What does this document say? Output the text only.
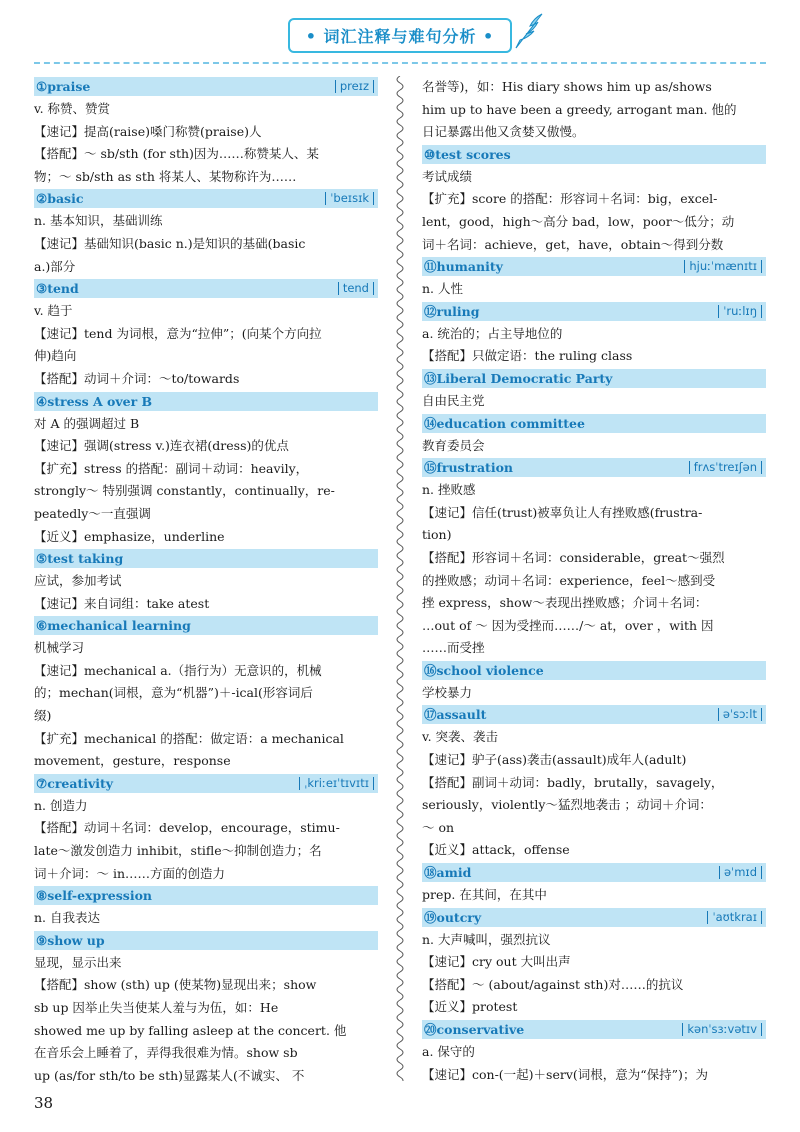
• 词汇注释与难句分析 •
①praise	preɪz
v. 称赞、赞赏
【速记】提高(raise)嗓门称赞(praise)人
【搭配】～ sb/sth (for sth)因为……称赞某人、某
物；～ sb/sth as sth 将某人、某物称许为……
②basic	ˈbeɪsɪk
n. 基本知识，基础训练
【速记】基础知识(basic n.)是知识的基础(basic
a.)部分
③tend	tend
v. 趋于
【速记】tend 为词根，意为“拉伸”；(向某个方向拉
伸)趋向
【搭配】动词＋介词：～to/towards
④stress A over B
对 A 的强调超过 B
【速记】强调(stress v.)连衣裙(dress)的优点
【扩充】stress 的搭配：副词＋动词：heavily，
strongly～ 特别强调 constantly，continually，re-
peatedly～一直强调
【近义】emphasize，underline
⑤test taking
应试，参加考试
【速记】来自词组：take atest
⑥mechanical learning
机械学习
【速记】mechanical a.（指行为）无意识的，机械
的；mechan(词根，意为“机器”)＋-ical(形容词后
缀)
【扩充】mechanical 的搭配：做定语：a mechanical
movement，gesture，response
⑦creativity	ˌkriːeɪˈtɪvɪtɪ
n. 创造力
【搭配】动词＋名词：develop，encourage，stimu-
late～激发创造力 inhibit，stifle～抑制创造力；名
词＋介词：～ in……方面的创造力
⑧self-expression
n. 自我表达
⑨show up
显现，显示出来
【搭配】show (sth) up (使某物)显现出来；show
sb up 因举止失当使某人羞与为伍，如：He
showed me up by falling asleep at the concert. 他
在音乐会上睡着了，弄得我很难为情。show sb
up (as/for sth/to be sth)显露某人(不诚实、 不
名誉等)，如：His diary shows him up as/shows
him up to have been a greedy, arrogant man. 他的
日记暴露出他又贪婪又傲慢。
⑩test scores
考试成绩
【扩充】score 的搭配：形容词＋名词：big，excel-
lent，good，high～高分 bad，low，poor～低分；动
词＋名词：achieve，get，have，obtain～得到分数
⑪humanity	hjuːˈmænɪtɪ
n. 人性
⑫ruling	ˈruːlɪŋ
a. 统治的；占主导地位的
【搭配】只做定语：the ruling class
⑬Liberal Democratic Party
自由民主党
⑭education committee
教育委员会
⑮frustration	frʌsˈtreɪʃən
n. 挫败感
【速记】信任(trust)被辜负让人有挫败感(frustra-
tion)
【搭配】形容词＋名词：considerable，great～强烈
的挫败感；动词＋名词：experience，feel～感到受
挫 express，show～表现出挫败感；介词＋名词：
…out of ～ 因为受挫而……/～ at，over ，with 因
……而受挫
⑯school violence
学校暴力
⑰assault	əˈsɔːlt
v. 突袭、袭击
【速记】驴子(ass)袭击(assault)成年人(adult)
【搭配】副词＋动词：badly，brutally，savagely，
seriously，violently～猛烈地袭击 ；动词＋介词：
～ on
【近义】attack，offense
⑱amid	əˈmɪd
prep. 在其间，在其中
⑲outcry	ˈaʊtkraɪ
n. 大声喊叫，强烈抗议
【速记】cry out 大叫出声
【搭配】～ (about/against sth)对……的抗议
【近义】protest
⑳conservative	kənˈsɜːvətɪv
a. 保守的
【速记】con-(一起)＋serv(词根，意为“保持”)；为
38
